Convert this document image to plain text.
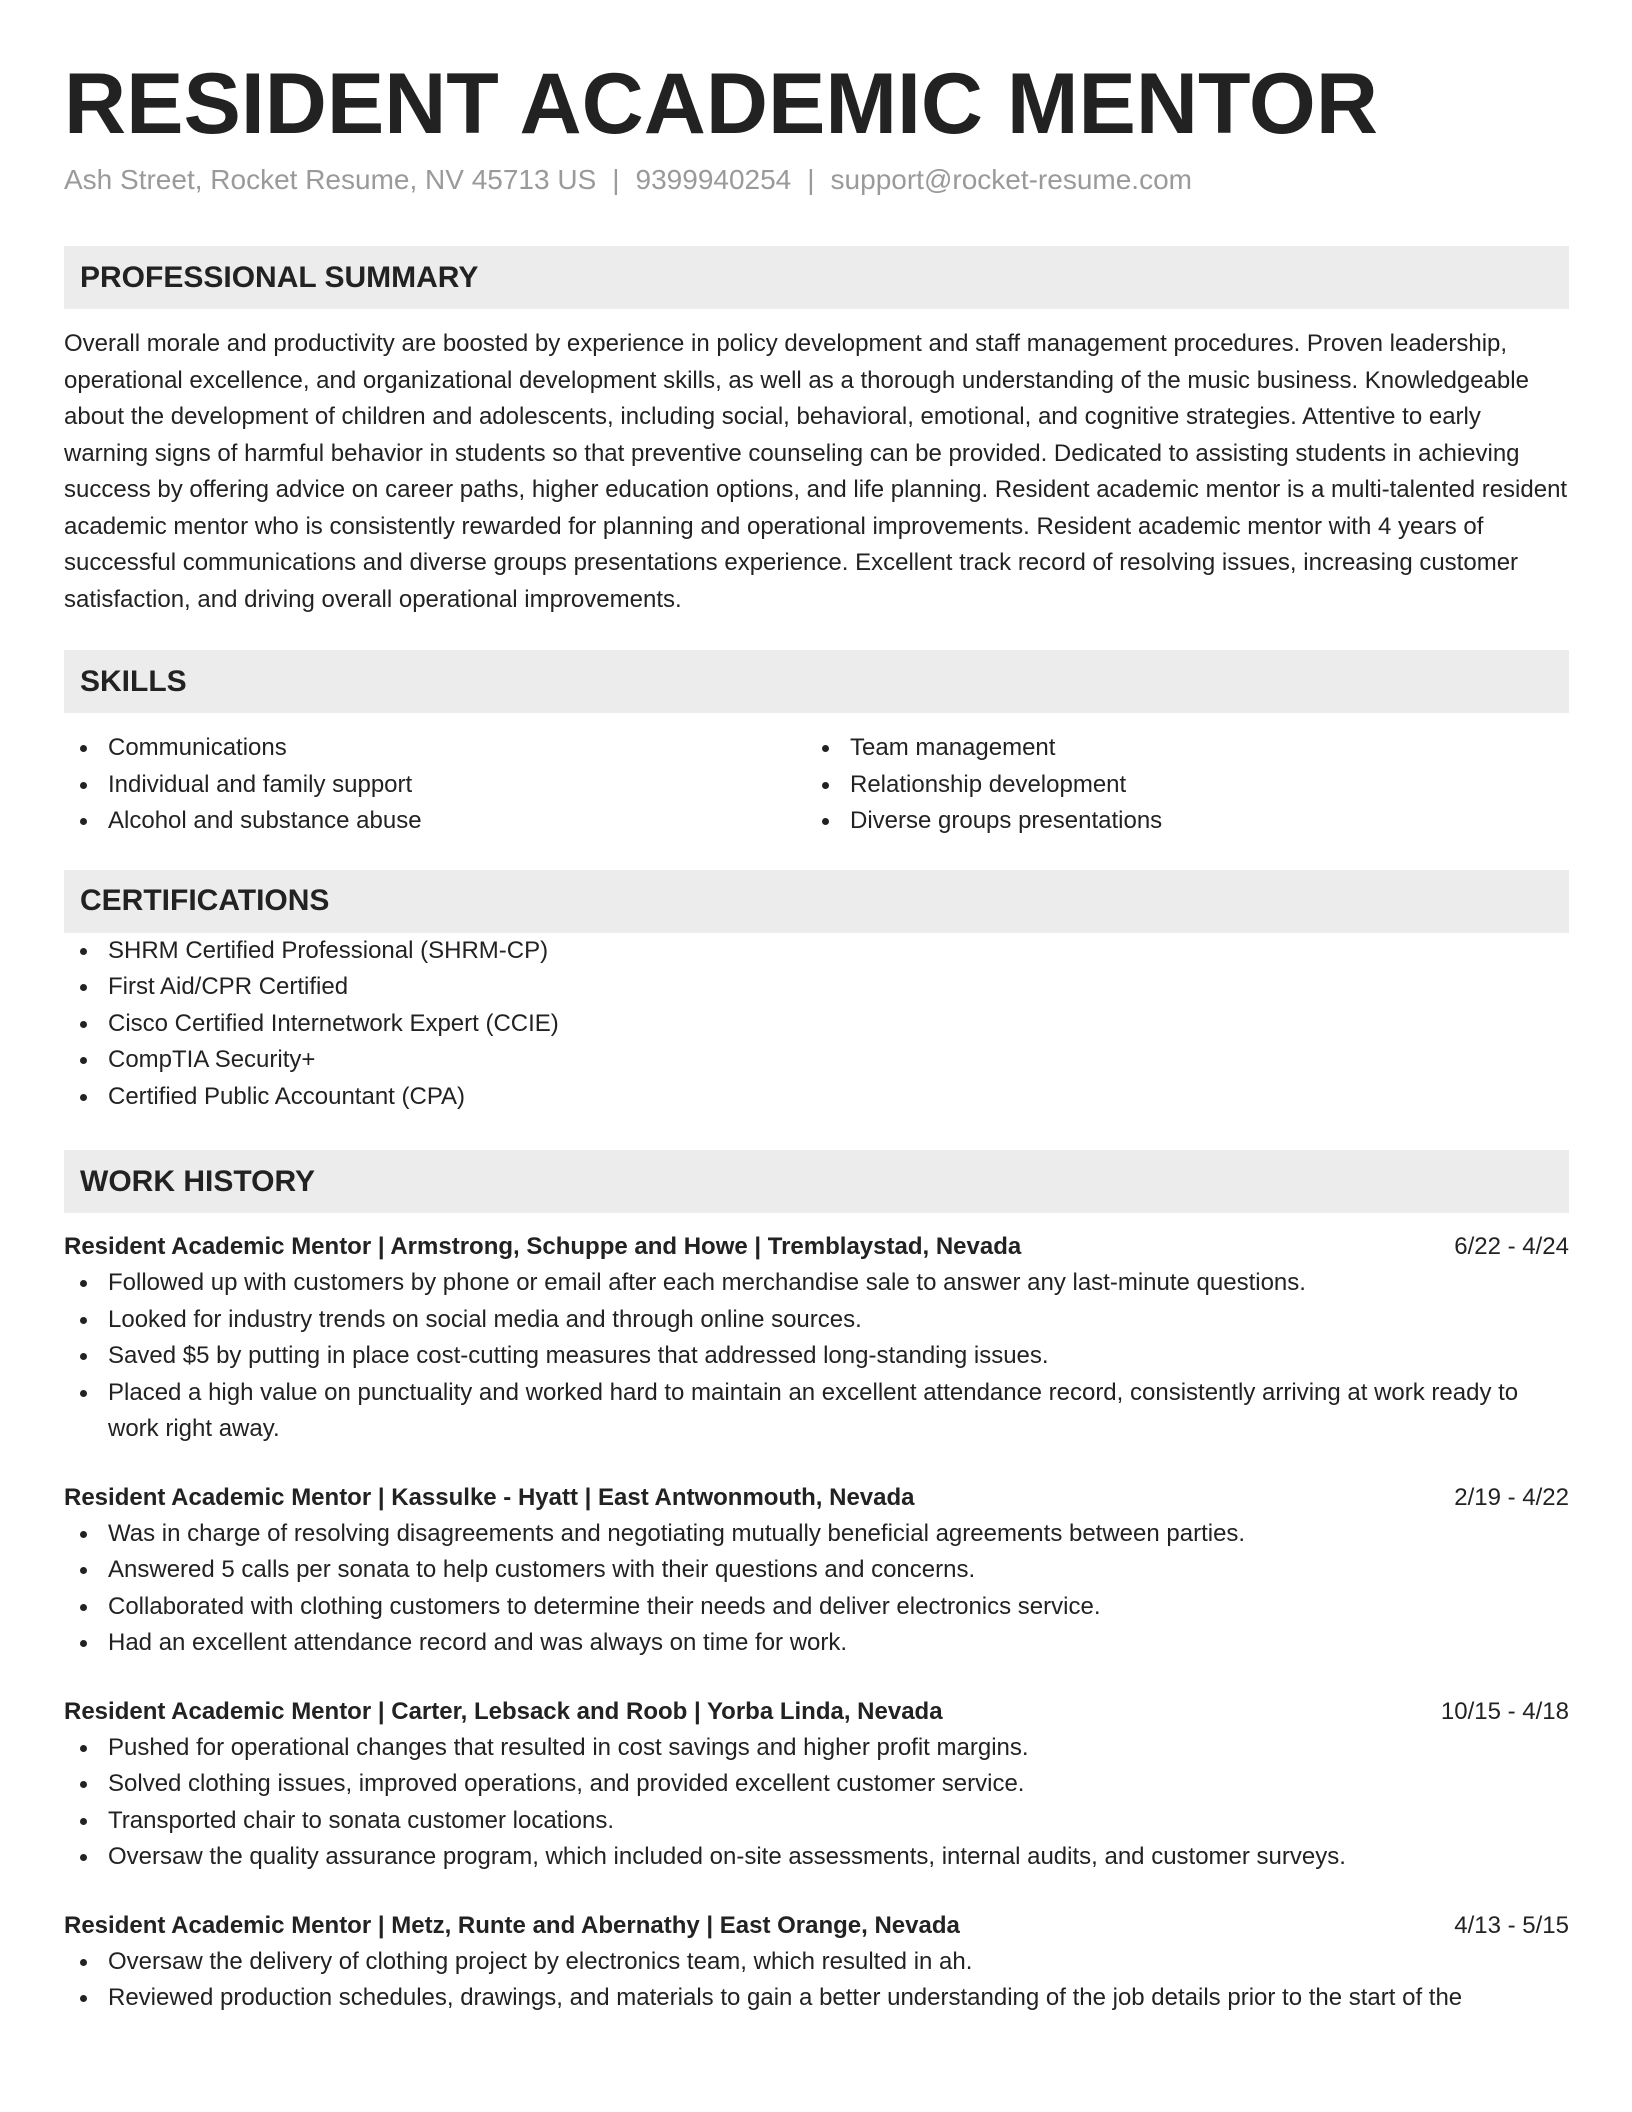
RESIDENT ACADEMIC MENTOR
Ash Street, Rocket Resume, NV 45713 US | 9399940254 | support@rocket-resume.com
PROFESSIONAL SUMMARY
Overall morale and productivity are boosted by experience in policy development and staff management procedures. Proven leadership, operational excellence, and organizational development skills, as well as a thorough understanding of the music business. Knowledgeable about the development of children and adolescents, including social, behavioral, emotional, and cognitive strategies. Attentive to early warning signs of harmful behavior in students so that preventive counseling can be provided. Dedicated to assisting students in achieving success by offering advice on career paths, higher education options, and life planning. Resident academic mentor is a multi-talented resident academic mentor who is consistently rewarded for planning and operational improvements. Resident academic mentor with 4 years of successful communications and diverse groups presentations experience. Excellent track record of resolving issues, increasing customer satisfaction, and driving overall operational improvements.
SKILLS
Communications
Individual and family support
Alcohol and substance abuse
Team management
Relationship development
Diverse groups presentations
CERTIFICATIONS
SHRM Certified Professional (SHRM-CP)
First Aid/CPR Certified
Cisco Certified Internetwork Expert (CCIE)
CompTIA Security+
Certified Public Accountant (CPA)
WORK HISTORY
Resident Academic Mentor | Armstrong, Schuppe and Howe | Tremblaystad, Nevada	6/22 - 4/24
Followed up with customers by phone or email after each merchandise sale to answer any last-minute questions.
Looked for industry trends on social media and through online sources.
Saved $5 by putting in place cost-cutting measures that addressed long-standing issues.
Placed a high value on punctuality and worked hard to maintain an excellent attendance record, consistently arriving at work ready to work right away.
Resident Academic Mentor | Kassulke - Hyatt | East Antwonmouth, Nevada	2/19 - 4/22
Was in charge of resolving disagreements and negotiating mutually beneficial agreements between parties.
Answered 5 calls per sonata to help customers with their questions and concerns.
Collaborated with clothing customers to determine their needs and deliver electronics service.
Had an excellent attendance record and was always on time for work.
Resident Academic Mentor | Carter, Lebsack and Roob | Yorba Linda, Nevada	10/15 - 4/18
Pushed for operational changes that resulted in cost savings and higher profit margins.
Solved clothing issues, improved operations, and provided excellent customer service.
Transported chair to sonata customer locations.
Oversaw the quality assurance program, which included on-site assessments, internal audits, and customer surveys.
Resident Academic Mentor | Metz, Runte and Abernathy | East Orange, Nevada	4/13 - 5/15
Oversaw the delivery of clothing project by electronics team, which resulted in ah.
Reviewed production schedules, drawings, and materials to gain a better understanding of the job details prior to the start of the
